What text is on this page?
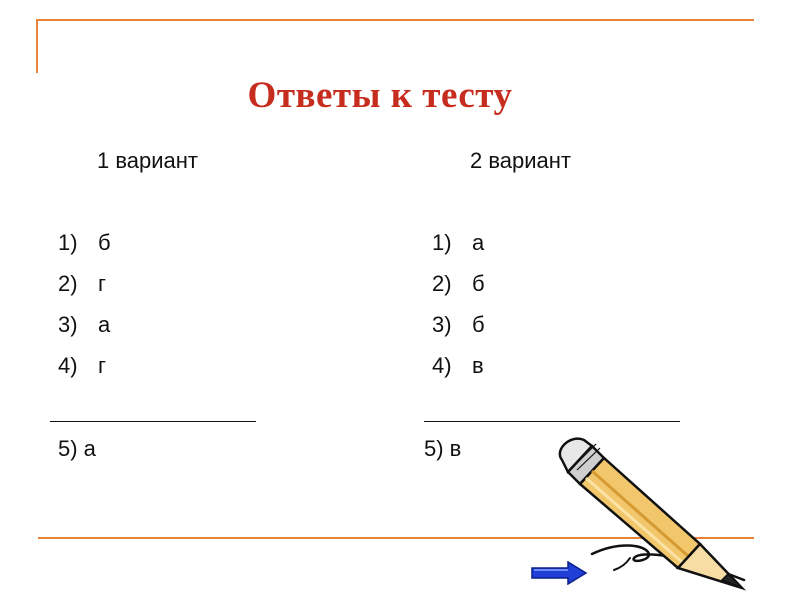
Ответы к тесту
1 вариант
1) б
2) г
3) а
4) г
5) а
2 вариант
1) а
2) б
3) б
4) в
5) в
